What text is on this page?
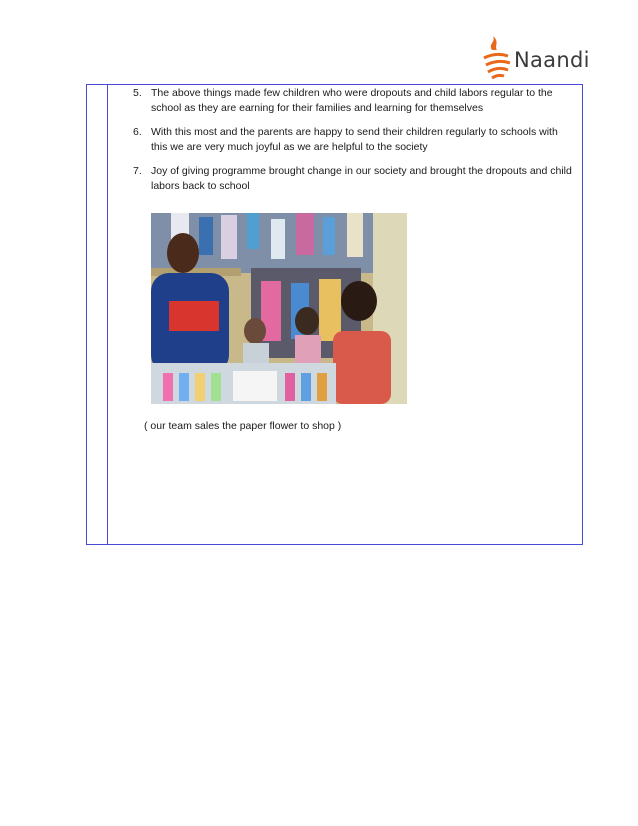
Naandi
5. The above things made few children who were dropouts and child labors regular to the
school as they are earning for their families and learning for themselves
6. With this most and the parents are happy to send their children regularly to schools with
this we are very much joyful as we are helpful to the society
7. Joy of giving programme brought change in our society and brought the dropouts and child
labors back to school
( our team sales the paper flower to shop )
